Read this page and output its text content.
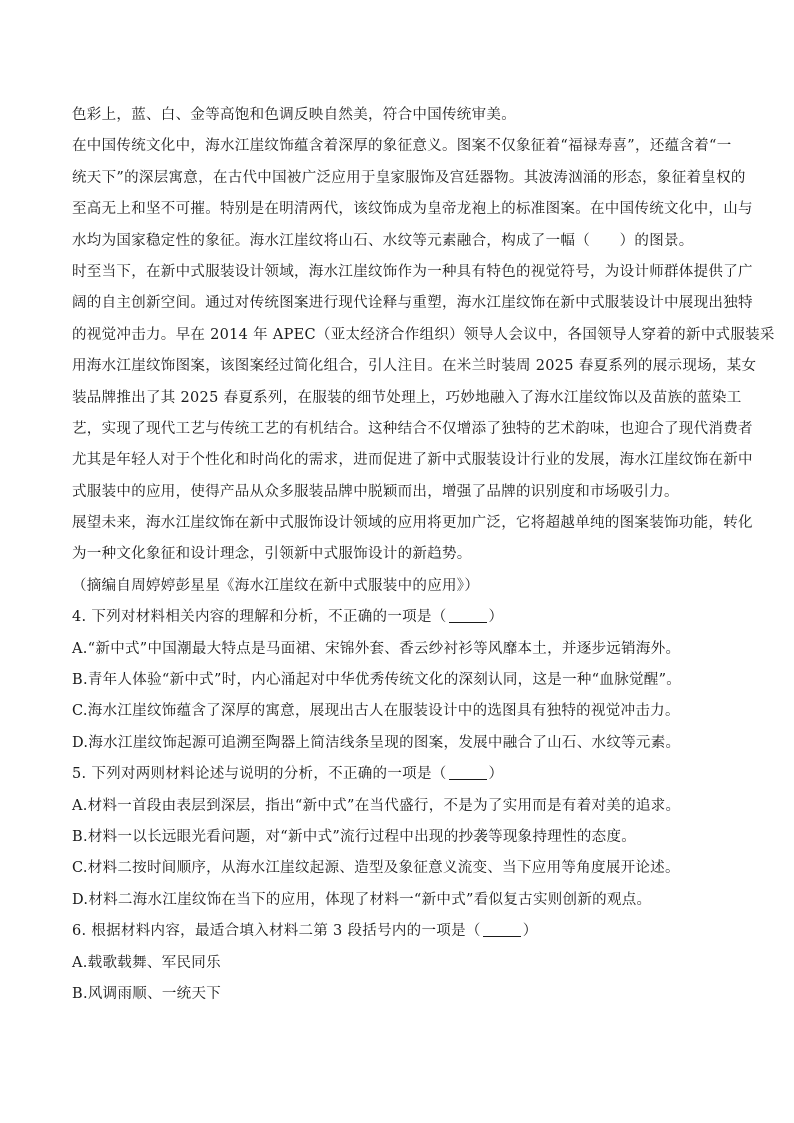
色彩上，蓝、白、金等高饱和色调反映自然美，符合中国传统审美。
在中国传统文化中，海水江崖纹饰蕴含着深厚的象征意义。图案不仅象征着“福禄寿喜”，还蕴含着“一
统天下”的深层寓意，在古代中国被广泛应用于皇家服饰及宫廷器物。其波涛汹涌的形态，象征着皇权的
至高无上和坚不可摧。特别是在明清两代，该纹饰成为皇帝龙袍上的标准图案。在中国传统文化中，山与
水均为国家稳定性的象征。海水江崖纹将山石、水纹等元素融合，构成了一幅（　　）的图景。
时至当下，在新中式服装设计领域，海水江崖纹饰作为一种具有特色的视觉符号，为设计师群体提供了广
阔的自主创新空间。通过对传统图案进行现代诠释与重塑，海水江崖纹饰在新中式服装设计中展现出独特
的视觉冲击力。早在 2014 年 APEC（亚太经济合作组织）领导人会议中，各国领导人穿着的新中式服装采
用海水江崖纹饰图案，该图案经过简化组合，引人注目。在米兰时装周 2025 春夏系列的展示现场，某女
装品牌推出了其 2025 春夏系列，在服装的细节处理上，巧妙地融入了海水江崖纹饰以及苗族的蓝染工
艺，实现了现代工艺与传统工艺的有机结合。这种结合不仅增添了独特的艺术韵味，也迎合了现代消费者
尤其是年轻人对于个性化和时尚化的需求，进而促进了新中式服装设计行业的发展，海水江崖纹饰在新中
式服装中的应用，使得产品从众多服装品牌中脱颖而出，增强了品牌的识别度和市场吸引力。
展望未来，海水江崖纹饰在新中式服饰设计领域的应用将更加广泛，它将超越单纯的图案装饰功能，转化
为一种文化象征和设计理念，引领新中式服饰设计的新趋势。
（摘编自周婷婷彭星星《海水江崖纹在新中式服装中的应用》）
4. 下列对材料相关内容的理解和分析，不正确的一项是（	）
A.“新中式”中国潮最大特点是马面裙、宋锦外套、香云纱衬衫等风靡本土，并逐步远销海外。
B.青年人体验“新中式”时，内心涌起对中华优秀传统文化的深刻认同，这是一种“血脉觉醒”。
C.海水江崖纹饰蕴含了深厚的寓意，展现出古人在服装设计中的选图具有独特的视觉冲击力。
D.海水江崖纹饰起源可追溯至陶器上简洁线条呈现的图案，发展中融合了山石、水纹等元素。
5. 下列对两则材料论述与说明的分析，不正确的一项是（	）
A.材料一首段由表层到深层，指出“新中式”在当代盛行，不是为了实用而是有着对美的追求。
B.材料一以长远眼光看问题，对“新中式”流行过程中出现的抄袭等现象持理性的态度。
C.材料二按时间顺序，从海水江崖纹起源、造型及象征意义流变、当下应用等角度展开论述。
D.材料二海水江崖纹饰在当下的应用，体现了材料一“新中式”看似复古实则创新的观点。
6. 根据材料内容，最适合填入材料二第 3 段括号内的一项是（	）
A.载歌载舞、军民同乐
B.风调雨顺、一统天下
